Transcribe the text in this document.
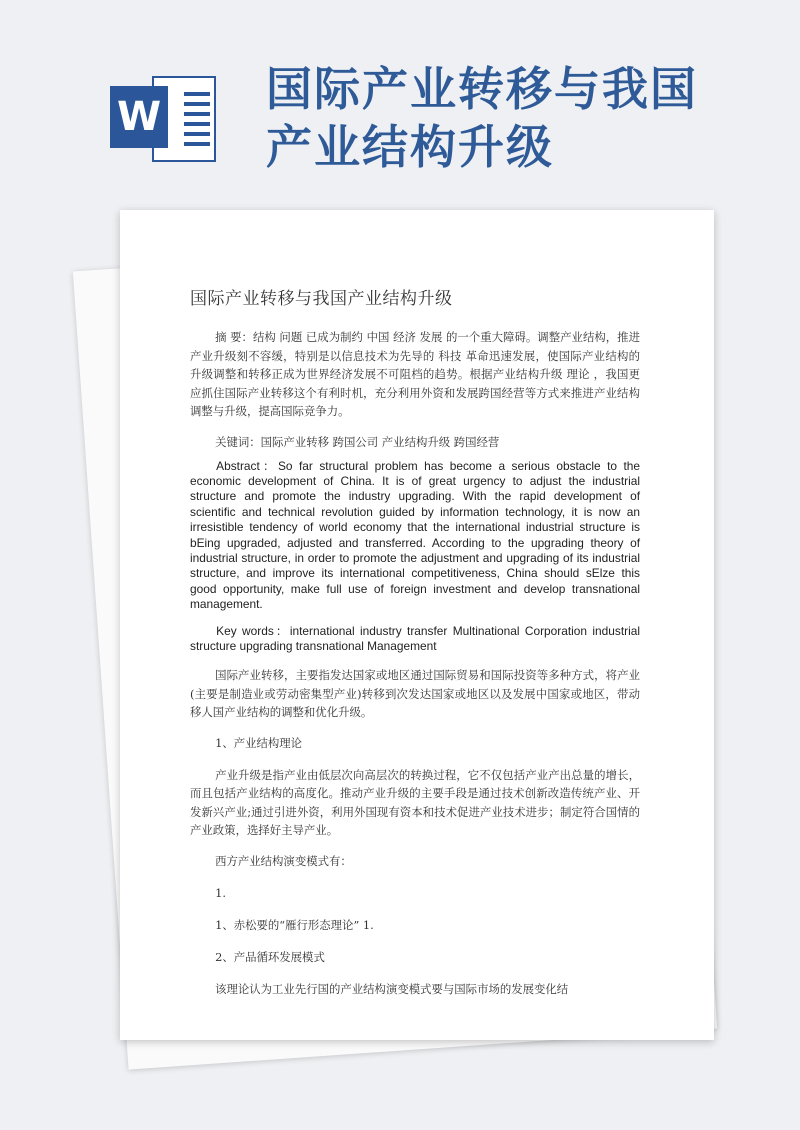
W
国际产业转移与我国产业结构升级
国际产业转移与我国产业结构升级

摘 要：结构 问题 已成为制约 中国 经济 发展 的一个重大障碍。调整产业结构，推进产业升级刻不容缓，特别是以信息技术为先导的 科技 革命迅速发展，使国际产业结构的升级调整和转移正成为世界经济发展不可阻档的趋势。根据产业结构升级 理论 ，我国更应抓住国际产业转移这个有利时机，充分利用外资和发展跨国经营等方式来推进产业结构调整与升级，提高国际竞争力。

关键词：国际产业转移 跨国公司 产业结构升级 跨国经营

Abstract：So far structural problem has become a serious obstacle to the economic development of China. It is of great urgency to adjust the industrial structure and promote the industry upgrading. With the rapid development of scientific and technical revolution guided by information technology, it is now an irresistible tendency of world economy that the international industrial structure is bEing upgraded, adjusted and transferred. According to the upgrading theory of industrial structure, in order to promote the adjustment and upgrading of its industrial structure, and improve its international competitiveness, China should sElze this good opportunity, make full use of foreign investment and develop transnational management.

Key words：international industry transfer Multinational Corporation industrial structure upgrading transnational Management

国际产业转移，主要指发达国家或地区通过国际贸易和国际投资等多种方式，将产业(主要是制造业或劳动密集型产业)转移到次发达国家或地区以及发展中国家或地区，带动移人国产业结构的调整和优化升级。

1、产业结构理论

产业升级是指产业由低层次向高层次的转换过程，它不仅包括产业产出总量的增长，而且包括产业结构的高度化。推动产业升级的主要手段是通过技术创新改造传统产业、开发新兴产业;通过引进外资，利用外国现有资本和技术促进产业技术进步；制定符合国情的产业政策，选择好主导产业。

西方产业结构演变模式有：

1.

1、赤松要的“雁行形态理论” 1.

2、产品循环发展模式

该理论认为工业先行国的产业结构演变模式要与国际市场的发展变化结
